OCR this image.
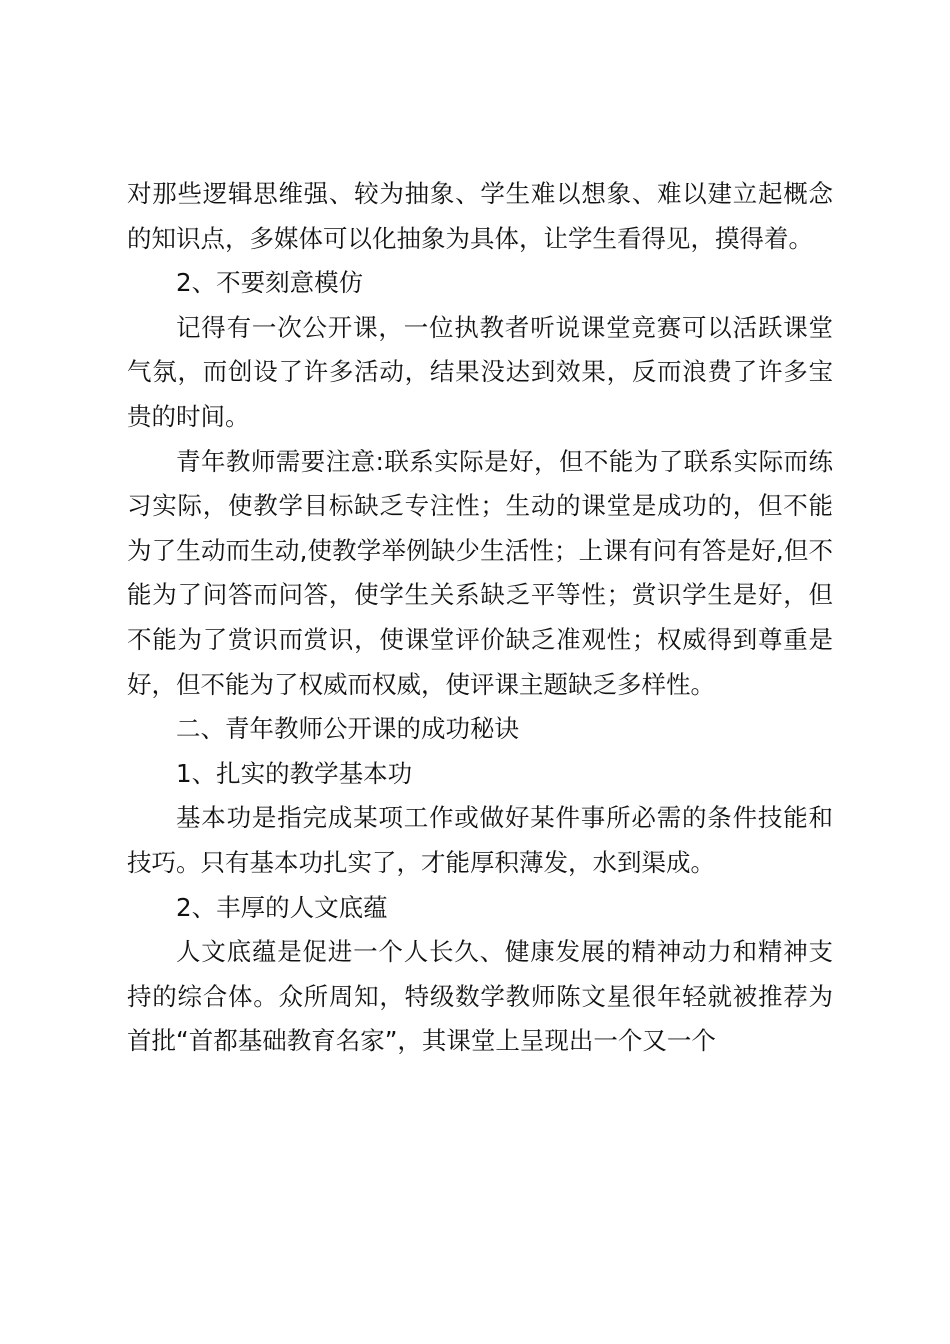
对那些逻辑思维强、较为抽象、学生难以想象、难以建立起概念的知识点，多媒体可以化抽象为具体，让学生看得见，摸得着。

2、不要刻意模仿

记得有一次公开课，一位执教者听说课堂竞赛可以活跃课堂气氛，而创设了许多活动，结果没达到效果，反而浪费了许多宝贵的时间。

青年教师需要注意:联系实际是好，但不能为了联系实际而练习实际，使教学目标缺乏专注性；生动的课堂是成功的，但不能为了生动而生动,使教学举例缺少生活性；上课有问有答是好,但不能为了问答而问答，使学生关系缺乏平等性；赏识学生是好，但不能为了赏识而赏识，使课堂评价缺乏准观性；权威得到尊重是好，但不能为了权威而权威，使评课主题缺乏多样性。

二、青年教师公开课的成功秘诀

1、扎实的教学基本功

基本功是指完成某项工作或做好某件事所必需的条件技能和技巧。只有基本功扎实了，才能厚积薄发，水到渠成。

2、丰厚的人文底蕴

人文底蕴是促进一个人长久、健康发展的精神动力和精神支持的综合体。众所周知，特级数学教师陈文星很年轻就被推荐为首批“首都基础教育名家”，其课堂上呈现出一个又一个
